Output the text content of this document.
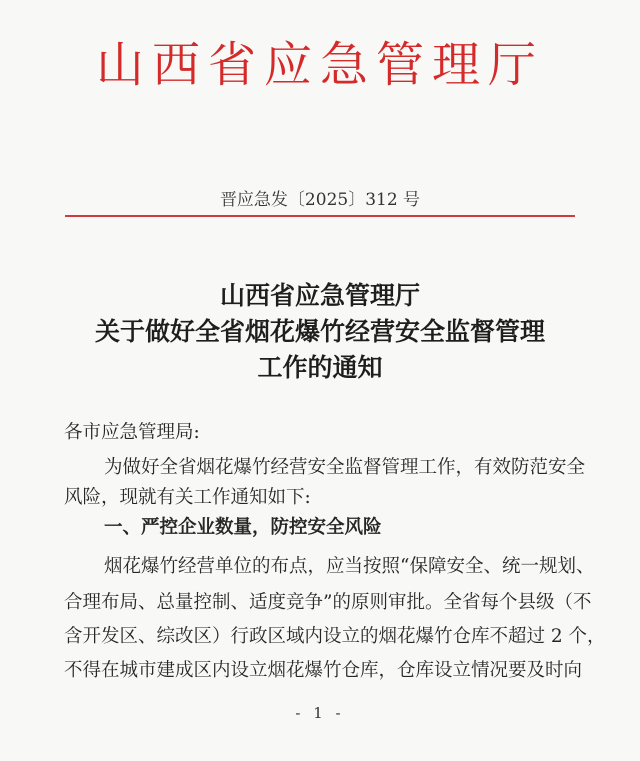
山西省应急管理厅
晋应急发〔2025〕312 号
山西省应急管理厅
关于做好全省烟花爆竹经营安全监督管理
工作的通知
各市应急管理局:
为做好全省烟花爆竹经营安全监督管理工作，有效防范安全
风险，现就有关工作通知如下:
一、严控企业数量，防控安全风险
烟花爆竹经营单位的布点，应当按照“保障安全、统一规划、
合理布局、总量控制、适度竞争”的原则审批。全省每个县级（不
含开发区、综改区）行政区域内设立的烟花爆竹仓库不超过 2 个，
不得在城市建成区内设立烟花爆竹仓库，仓库设立情况要及时向
- 1 -
